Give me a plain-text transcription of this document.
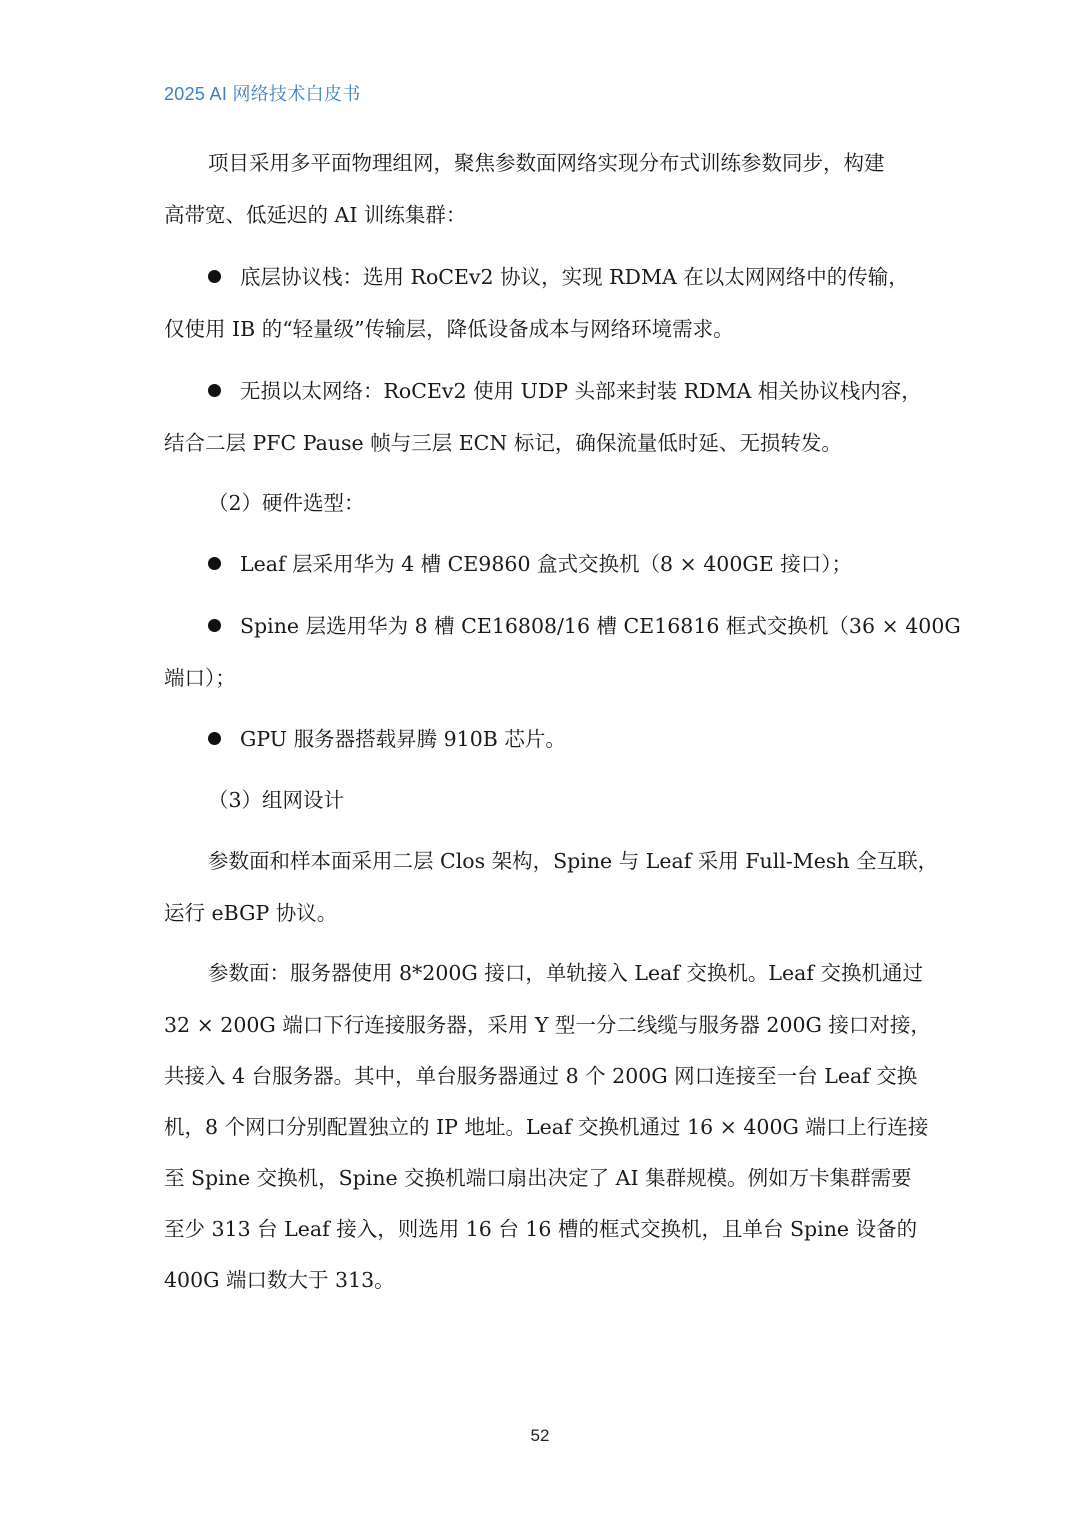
2025 AI 网络技术白皮书
项目采用多平面物理组网，聚焦参数面网络实现分布式训练参数同步，构建
高带宽、低延迟的 AI 训练集群：
底层协议栈：选用 RoCEv2 协议，实现 RDMA 在以太网网络中的传输，
仅使用 IB 的“轻量级”传输层，降低设备成本与网络环境需求。
无损以太网络：RoCEv2 使用 UDP 头部来封装 RDMA 相关协议栈内容，
结合二层 PFC Pause 帧与三层 ECN 标记，确保流量低时延、无损转发。
（2）硬件选型：
Leaf 层采用华为 4 槽 CE9860 盒式交换机（8 × 400GE 接口）；
Spine 层选用华为 8 槽 CE16808/16 槽 CE16816 框式交换机（36 × 400G
端口）；
GPU 服务器搭载昇腾 910B 芯片。
（3）组网设计
参数面和样本面采用二层 Clos 架构，Spine 与 Leaf 采用 Full-Mesh 全互联，
运行 eBGP 协议。
参数面：服务器使用 8*200G 接口，单轨接入 Leaf 交换机。Leaf 交换机通过
32 × 200G 端口下行连接服务器，采用 Y 型一分二线缆与服务器 200G 接口对接，
共接入 4 台服务器。其中，单台服务器通过 8 个 200G 网口连接至一台 Leaf 交换
机，8 个网口分别配置独立的 IP 地址。Leaf 交换机通过 16 × 400G 端口上行连接
至 Spine 交换机，Spine 交换机端口扇出决定了 AI 集群规模。例如万卡集群需要
至少 313 台 Leaf 接入，则选用 16 台 16 槽的框式交换机，且单台 Spine 设备的
400G 端口数大于 313。
52
